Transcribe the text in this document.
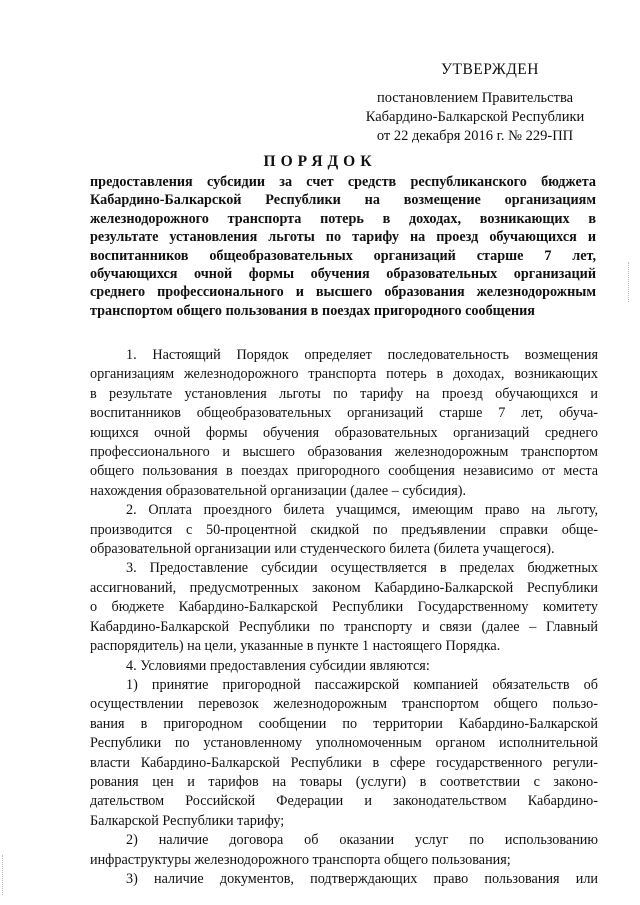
УТВЕРЖДЕН
постановлением Правительства
Кабардино-Балкарской Республики
от 22 декабря 2016 г. № 229-ПП
ПОРЯДОК
предоставления субсидии за счет средств республиканского бюджета
Кабардино-Балкарской Республики на возмещение организациям
железнодорожного транспорта потерь в доходах, возникающих в
результате установления льготы по тарифу на проезд обучающихся и
воспитанников общеобразовательных организаций старше 7 лет,
обучающихся очной формы обучения образовательных организаций
среднего профессионального и высшего образования железнодорожным
транспортом общего пользования в поездах пригородного сообщения
1. Настоящий Порядок определяет последовательность возмещения
организациям железнодорожного транспорта потерь в доходах, возникающих
в результате установления льготы по тарифу на проезд обучающихся и
воспитанников общеобразовательных организаций старше 7 лет, обуча-
ющихся очной формы обучения образовательных организаций среднего
профессионального и высшего образования железнодорожным транспортом
общего пользования в поездах пригородного сообщения независимо от места
нахождения образовательной организации (далее – субсидия).
2. Оплата проездного билета учащимся, имеющим право на льготу,
производится с 50-процентной скидкой по предъявлении справки обще-
образовательной организации или студенческого билета (билета учащегося).
3. Предоставление субсидии осуществляется в пределах бюджетных
ассигнований, предусмотренных законом Кабардино-Балкарской Республики
о бюджете Кабардино-Балкарской Республики Государственному комитету
Кабардино-Балкарской Республики по транспорту и связи (далее – Главный
распорядитель) на цели, указанные в пункте 1 настоящего Порядка.
4. Условиями предоставления субсидии являются:
1) принятие пригородной пассажирской компанией обязательств об
осуществлении перевозок железнодорожным транспортом общего пользо-
вания в пригородном сообщении по территории Кабардино-Балкарской
Республики по установленному уполномоченным органом исполнительной
власти Кабардино-Балкарской Республики в сфере государственного регули-
рования цен и тарифов на товары (услуги) в соответствии с законо-
дательством Российской Федерации и законодательством Кабардино-
Балкарской Республики тарифу;
2) наличие договора об оказании услуг по использованию
инфраструктуры железнодорожного транспорта общего пользования;
3) наличие документов, подтверждающих право пользования или
